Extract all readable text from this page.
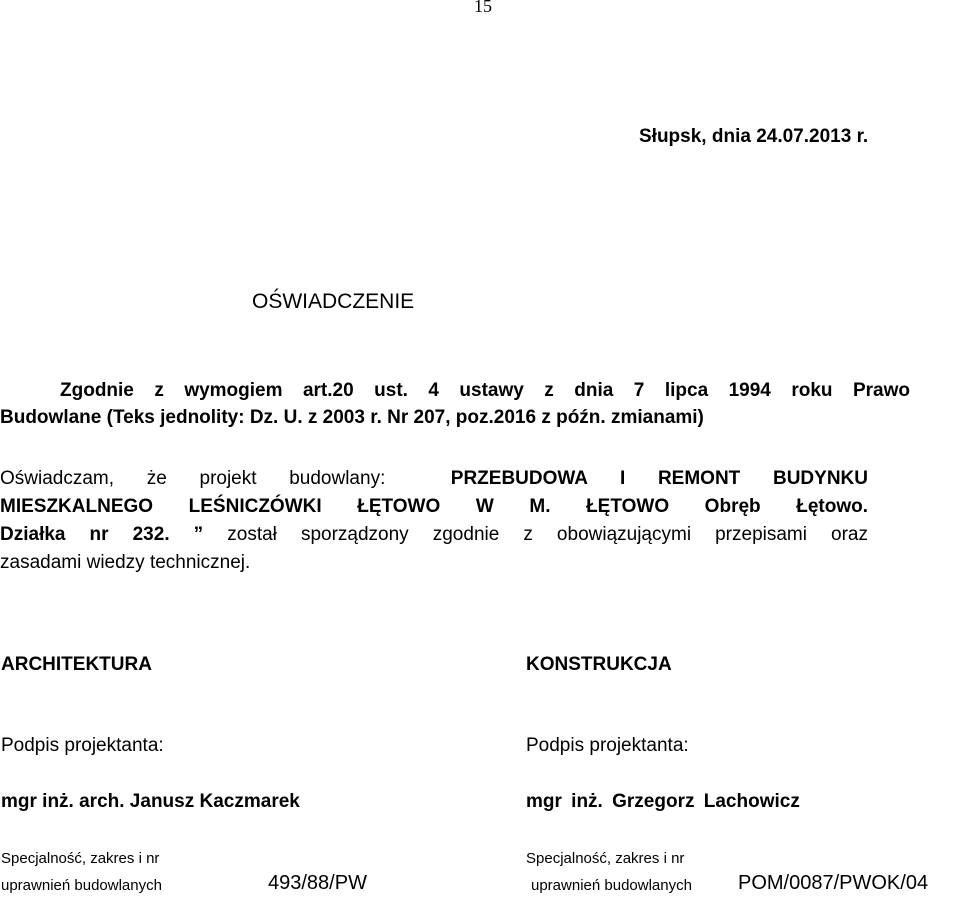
15
Słupsk, dnia 24.07.2013 r.
OŚWIADCZENIE
Zgodnie z wymogiem art.20 ust. 4 ustawy z dnia 7 lipca 1994 roku Prawo
Budowlane (Teks jednolity: Dz. U. z 2003 r. Nr 207, poz.2016 z późn. zmianami)
Oświadczam, że projekt budowlany:	PRZEBUDOWA I REMONT BUDYNKU
MIESZKALNEGO LEŚNICZÓWKI ŁĘTOWO W M. ŁĘTOWO Obręb Łętowo.
Działka nr 232. ” został sporządzony zgodnie z obowiązującymi przepisami oraz
zasadami wiedzy technicznej.
ARCHITEKTURA	KONSTRUKCJA
Podpis projektanta:	Podpis projektanta:
mgr inż. arch. Janusz Kaczmarek	mgr inż. Grzegorz Lachowicz
Specjalność, zakres i nr	Specjalność, zakres i nr
uprawnień budowlanych	493/88/PW	uprawnień budowlanych POM/0087/PWOK/04
